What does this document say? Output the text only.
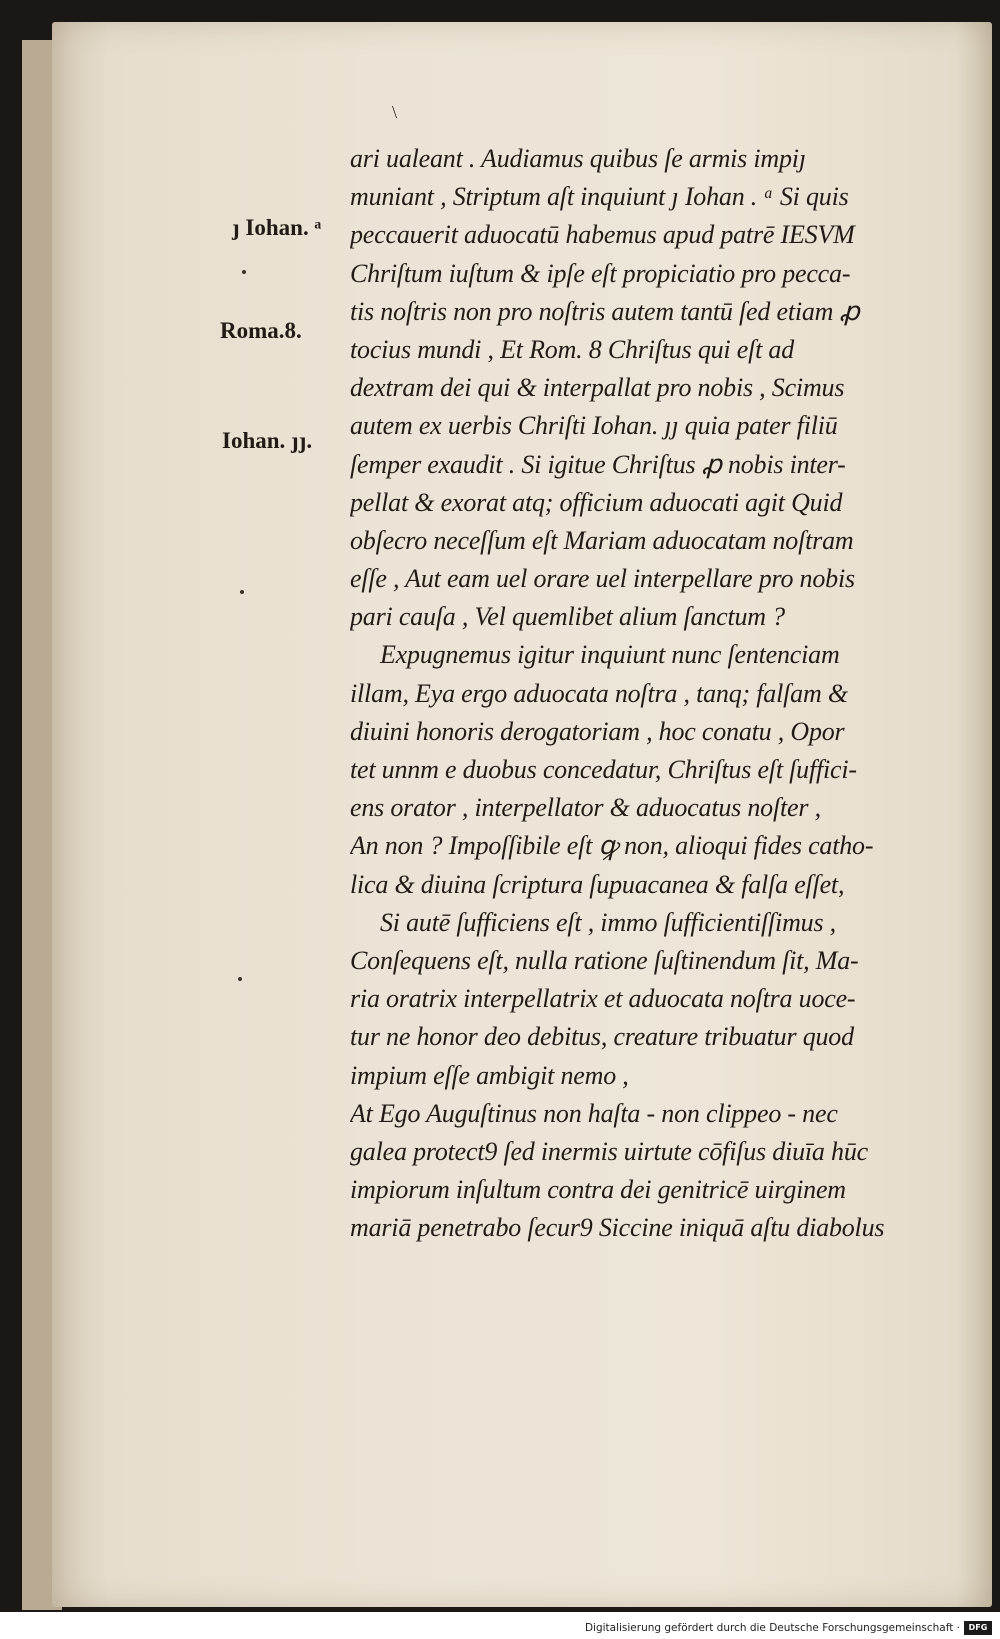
\
ȷ Iohan. ᵃ
Roma.8.
Iohan. ȷȷ.
ari ualeant . Audiamus quibus ſe armis impiȷ
muniant , Striptum aſt inquiunt ȷ Iohan . ᵃ Si quis
peccauerit aduocatū habemus apud patrē IESVM
Chriſtum iuſtum & ipſe eſt propiciatio pro pecca-
tis noſtris non pro noſtris autem tantū ſed etiam ꝓ
tocius mundi , Et Rom. 8 Chriſtus qui eſt ad
dextram dei qui & interpallat pro nobis , Scimus
autem ex uerbis Chriſti Iohan. ȷȷ quia pater filiū
ſemper exaudit . Si igitue Chriſtus ꝓ nobis inter-
pellat & exorat atq; officium aduocati agit Quid
obſecro neceſſum eſt Mariam aduocatam noſtram
eſſe , Aut eam uel orare uel interpellare pro nobis
pari cauſa , Vel quemlibet alium ſanctum ?
Expugnemus igitur inquiunt nunc ſentenciam
illam, Eya ergo aduocata noſtra , tanq; falſam &
diuini honoris derogatoriam , hoc conatu , Opor
tet unnm e duobus concedatur, Chriſtus eſt ſuffici-
ens orator , interpellator & aduocatus noſter ,
An non ? Impoſſibile eſt ꝙ non, alioqui fides catho-
lica & diuina ſcriptura ſupuacanea & falſa eſſet,
Si autē ſufficiens eſt , immo ſufficientiſſimus ,
Conſequens eſt, nulla ratione ſuſtinendum ſit, Ma-
ria oratrix interpellatrix et aduocata noſtra uoce-
tur ne honor deo debitus, creature tribuatur quod
impium eſſe ambigit nemo ,
At Ego Auguſtinus non haſta - non clippeo - nec
galea protect9 ſed inermis uirtute cōfiſus diuīa hūc
impiorum inſultum contra dei genitricē uirginem
mariā penetrabo ſecur9 Siccine iniquā aſtu diabolus
Digitalisierung gefördert durch die Deutsche Forschungsgemeinschaft ·	DFG
